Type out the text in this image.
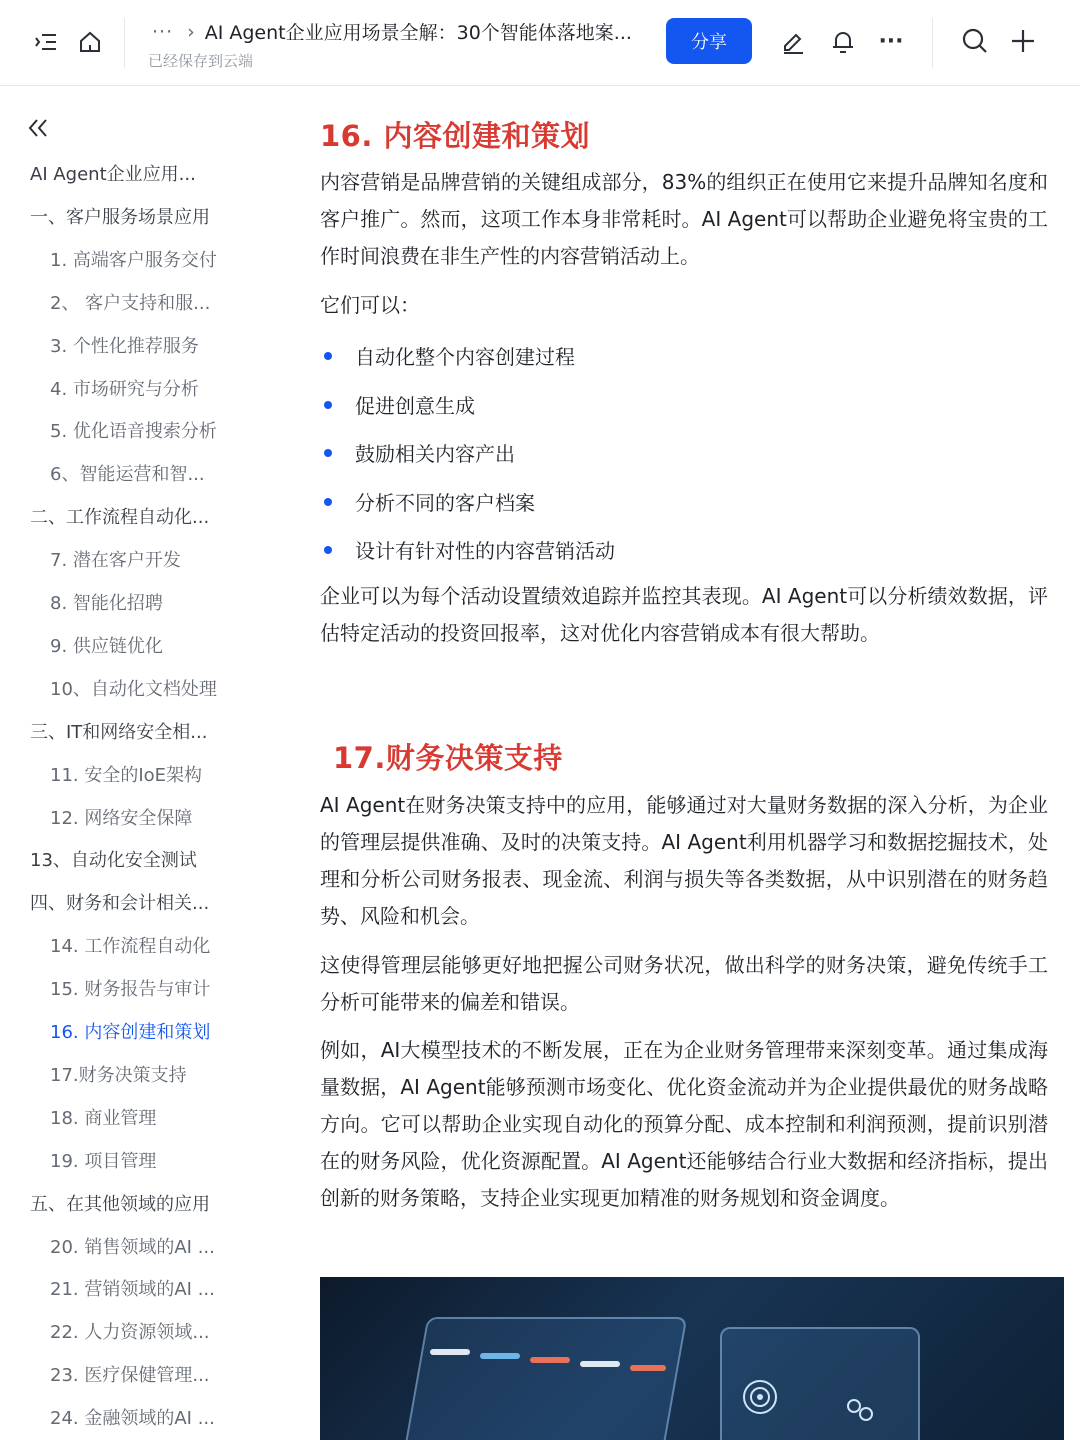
··· › AI Agent企业应用场景全解：30个智能体落地案...
已经保存到云端
分享	···
AI Agent企业应用...
一、客户服务场景应用
1. 高端客户服务交付
2、 客户支持和服...
3. 个性化推荐服务
4. 市场研究与分析
5. 优化语音搜索分析
6、智能运营和智...
二、工作流程自动化...
7. 潜在客户开发
8. 智能化招聘
9. 供应链优化
10、自动化文档处理
三、IT和网络安全相...
11. 安全的IoE架构
12. 网络安全保障
13、自动化安全测试
四、财务和会计相关...
14. 工作流程自动化
15. 财务报告与审计
16. 内容创建和策划
17.财务决策支持
18. 商业管理
19. 项目管理
五、在其他领域的应用
20. 销售领域的AI ...
21. 营销领域的AI ...
22. 人力资源领域...
23. 医疗保健管理...
24. 金融领域的AI ...
16. 内容创建和策划
内容营销是品牌营销的关键组成部分，83%的组织正在使用它来提升品牌知名度和客户推广。然而，这项工作本身非常耗时。AI Agent可以帮助企业避免将宝贵的工作时间浪费在非生产性的内容营销活动上。
它们可以：
自动化整个内容创建过程
促进创意生成
鼓励相关内容产出
分析不同的客户档案
设计有针对性的内容营销活动
企业可以为每个活动设置绩效追踪并监控其表现。AI Agent可以分析绩效数据，评估特定活动的投资回报率，这对优化内容营销成本有很大帮助。
17.财务决策支持
AI Agent在财务决策支持中的应用，能够通过对大量财务数据的深入分析，为企业的管理层提供准确、及时的决策支持。AI Agent利用机器学习和数据挖掘技术，处理和分析公司财务报表、现金流、利润与损失等各类数据，从中识别潜在的财务趋势、风险和机会。
这使得管理层能够更好地把握公司财务状况，做出科学的财务决策，避免传统手工分析可能带来的偏差和错误。
例如，AI大模型技术的不断发展，正在为企业财务管理带来深刻变革。通过集成海量数据，AI Agent能够预测市场变化、优化资金流动并为企业提供最优的财务战略方向。它可以帮助企业实现自动化的预算分配、成本控制和利润预测，提前识别潜在的财务风险，优化资源配置。AI Agent还能够结合行业大数据和经济指标，提出创新的财务策略，支持企业实现更加精准的财务规划和资金调度。
